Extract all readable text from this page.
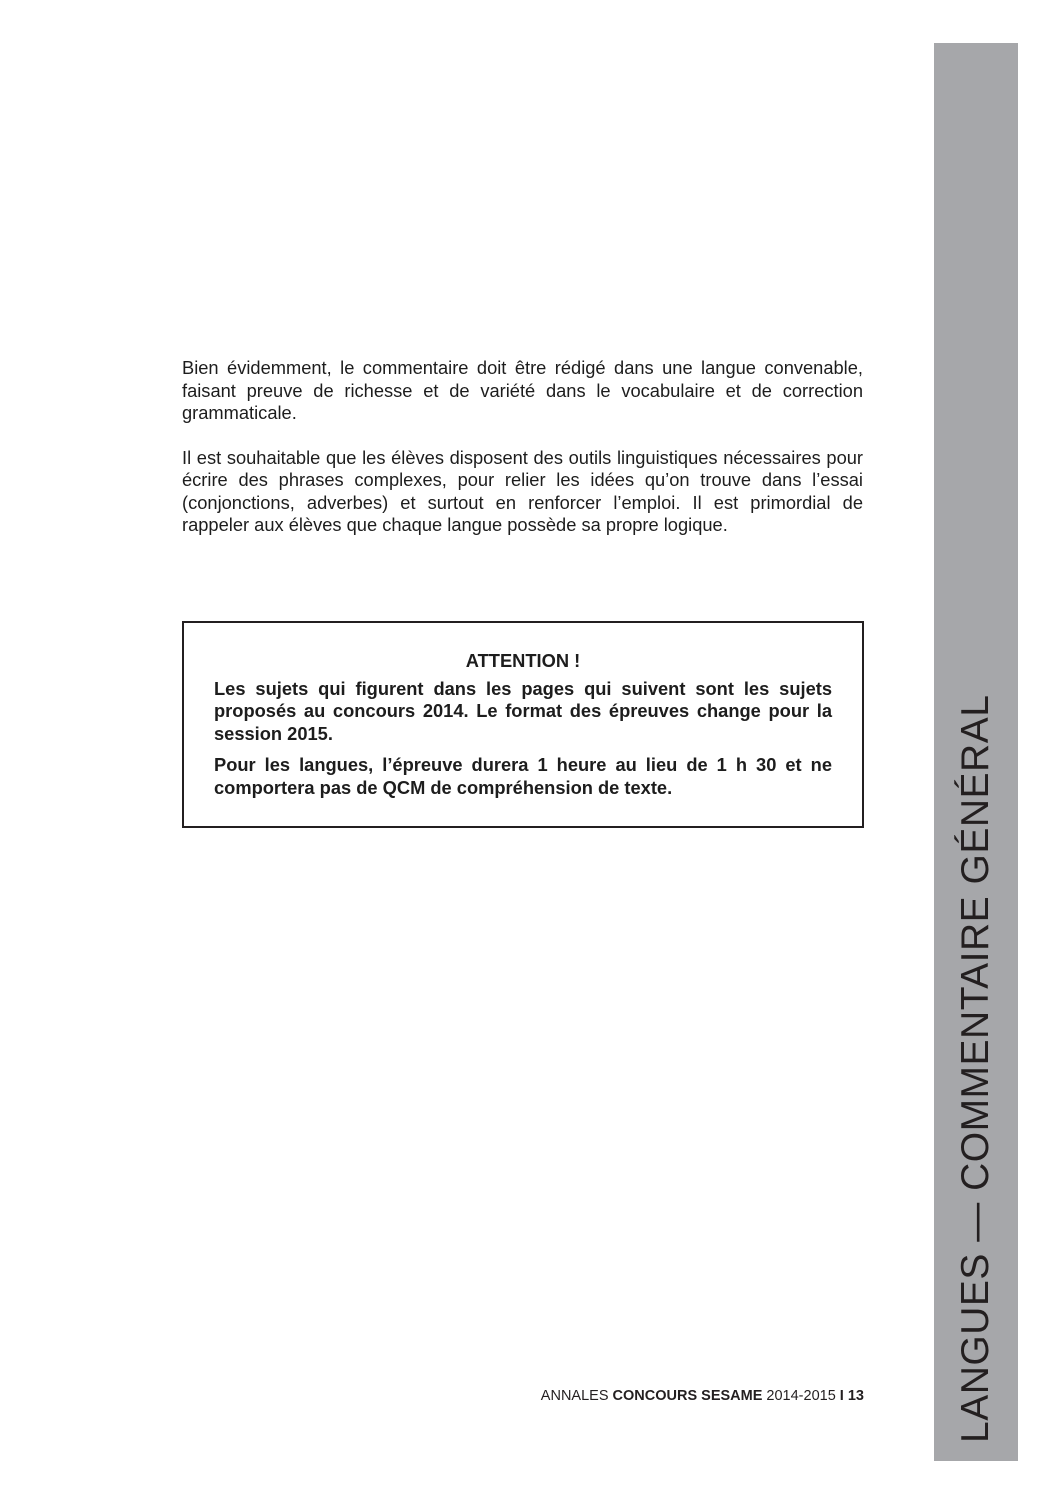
Bien évidemment, le commentaire doit être rédigé dans une langue convenable, faisant preuve de richesse et de variété dans le vocabulaire et de correction grammaticale.

Il est souhaitable que les élèves disposent des outils linguistiques nécessaires pour écrire des phrases complexes, pour relier les idées qu’on trouve dans l’essai (conjonctions, adverbes) et surtout en renforcer l’emploi. Il est primordial de rappeler aux élèves que chaque langue possède sa propre logique.

ATTENTION !

Les sujets qui figurent dans les pages qui suivent sont les sujets proposés au concours 2014. Le format des épreuves change pour la session 2015.

Pour les langues, l’épreuve durera 1 heure au lieu de 1 h 30 et ne comportera pas de QCM de compréhension de texte.	LANGUES — COMMENTAIRE GÉNÉRAL
ANNALES CONCOURS SESAME 2014-2015 I 13
